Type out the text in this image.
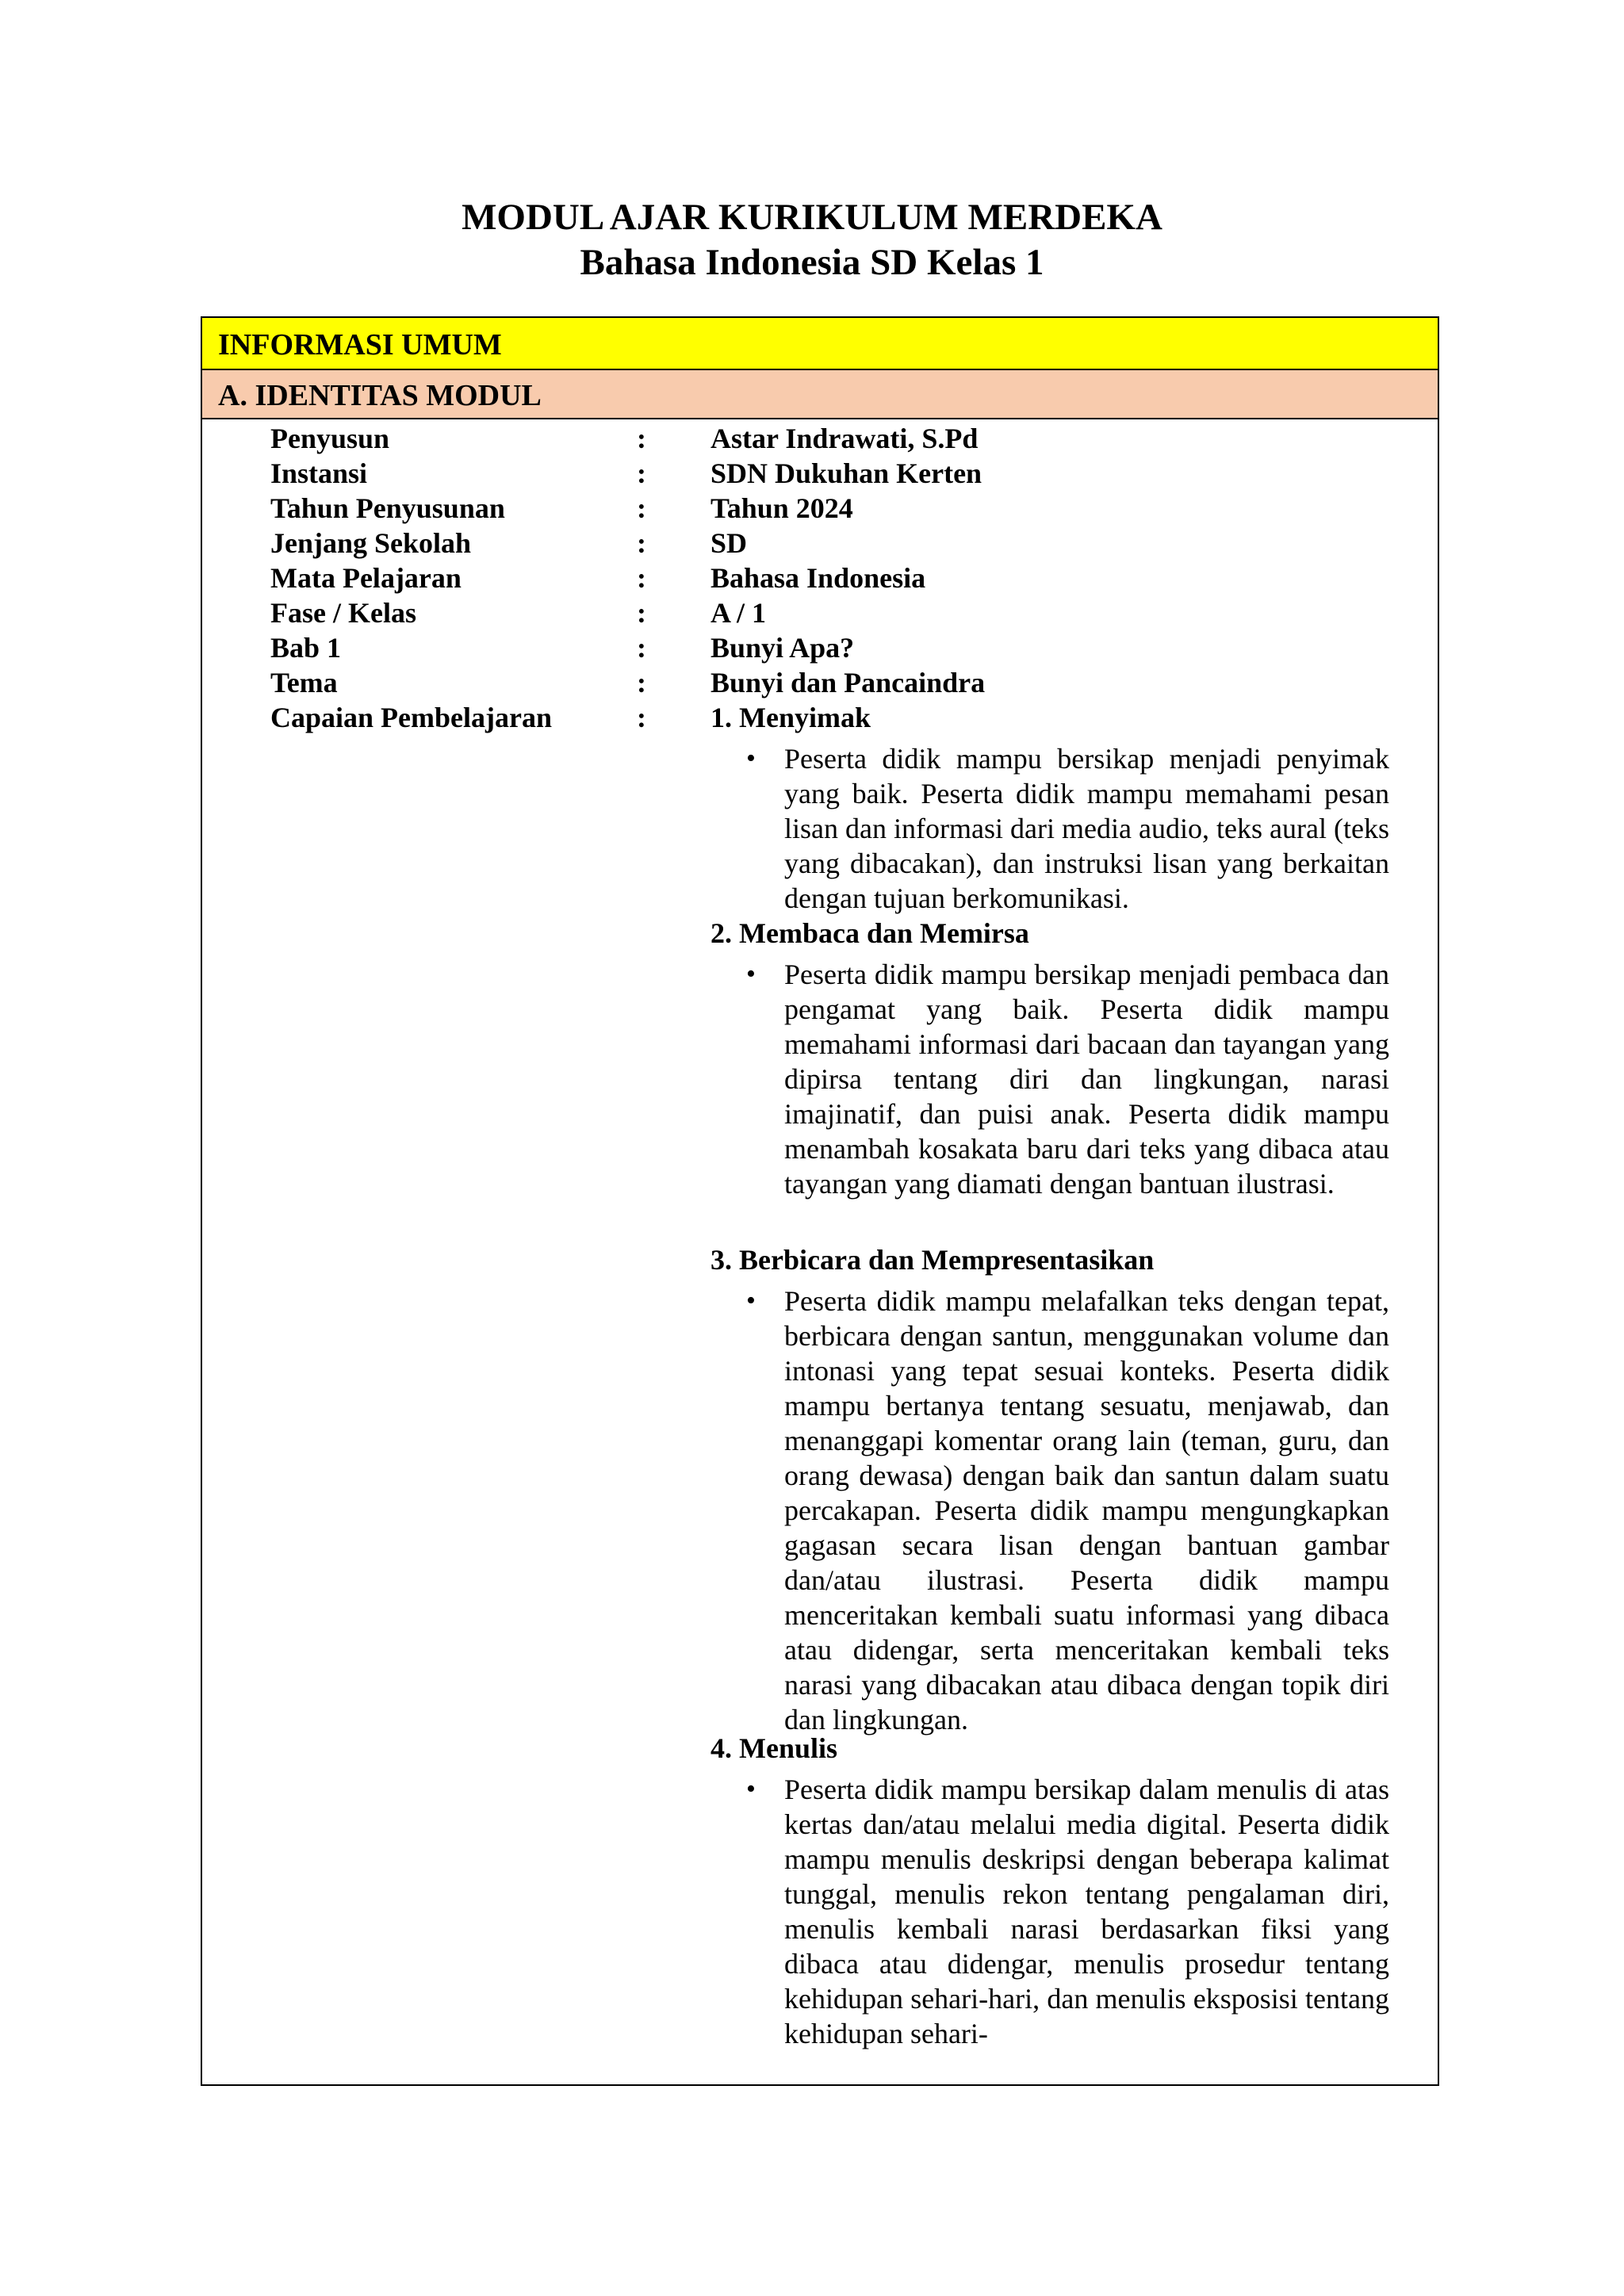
MODUL AJAR KURIKULUM MERDEKA
Bahasa Indonesia SD Kelas 1
INFORMASI UMUM
A. IDENTITAS MODUL
Penyusun	: Astar Indrawati, S.Pd
Instansi	: SDN Dukuhan Kerten
Tahun Penyusunan	: Tahun 2024
Jenjang Sekolah	: SD
Mata Pelajaran	: Bahasa Indonesia
Fase / Kelas	: A / 1
Bab 1	: Bunyi Apa?
Tema	: Bunyi dan Pancaindra
Capaian Pembelajaran	: 1. Menyimak
• Peserta didik mampu bersikap menjadi penyimak yang baik. Peserta didik mampu memahami pesan lisan dan informasi dari media audio, teks aural (teks yang dibacakan), dan instruksi lisan yang berkaitan dengan tujuan berkomunikasi.

2. Membaca dan Memirsa
• Peserta didik mampu bersikap menjadi pembaca dan pengamat yang baik. Peserta didik mampu memahami informasi dari bacaan dan tayangan yang dipirsa tentang diri dan lingkungan, narasi imajinatif, dan puisi anak. Peserta didik mampu menambah kosakata baru dari teks yang dibaca atau tayangan yang diamati dengan bantuan ilustrasi.

3. Berbicara dan Mempresentasikan
• Peserta didik mampu melafalkan teks dengan tepat, berbicara dengan santun, menggunakan volume dan intonasi yang tepat sesuai konteks. Peserta didik mampu bertanya tentang sesuatu, menjawab, dan menanggapi komentar orang lain (teman, guru, dan orang dewasa) dengan baik dan santun dalam suatu percakapan. Peserta didik mampu mengungkapkan gagasan secara lisan dengan bantuan gambar dan/atau ilustrasi. Peserta didik mampu menceritakan kembali suatu informasi yang dibaca atau didengar, serta menceritakan kembali teks narasi yang dibacakan atau dibaca dengan topik diri dan lingkungan.

4. Menulis
• Peserta didik mampu bersikap dalam menulis di atas kertas dan/atau melalui media digital. Peserta didik mampu menulis deskripsi dengan beberapa kalimat tunggal, menulis rekon tentang pengalaman diri, menulis kembali narasi berdasarkan fiksi yang dibaca atau didengar, menulis prosedur tentang kehidupan sehari-hari, dan menulis eksposisi tentang kehidupan sehari-
